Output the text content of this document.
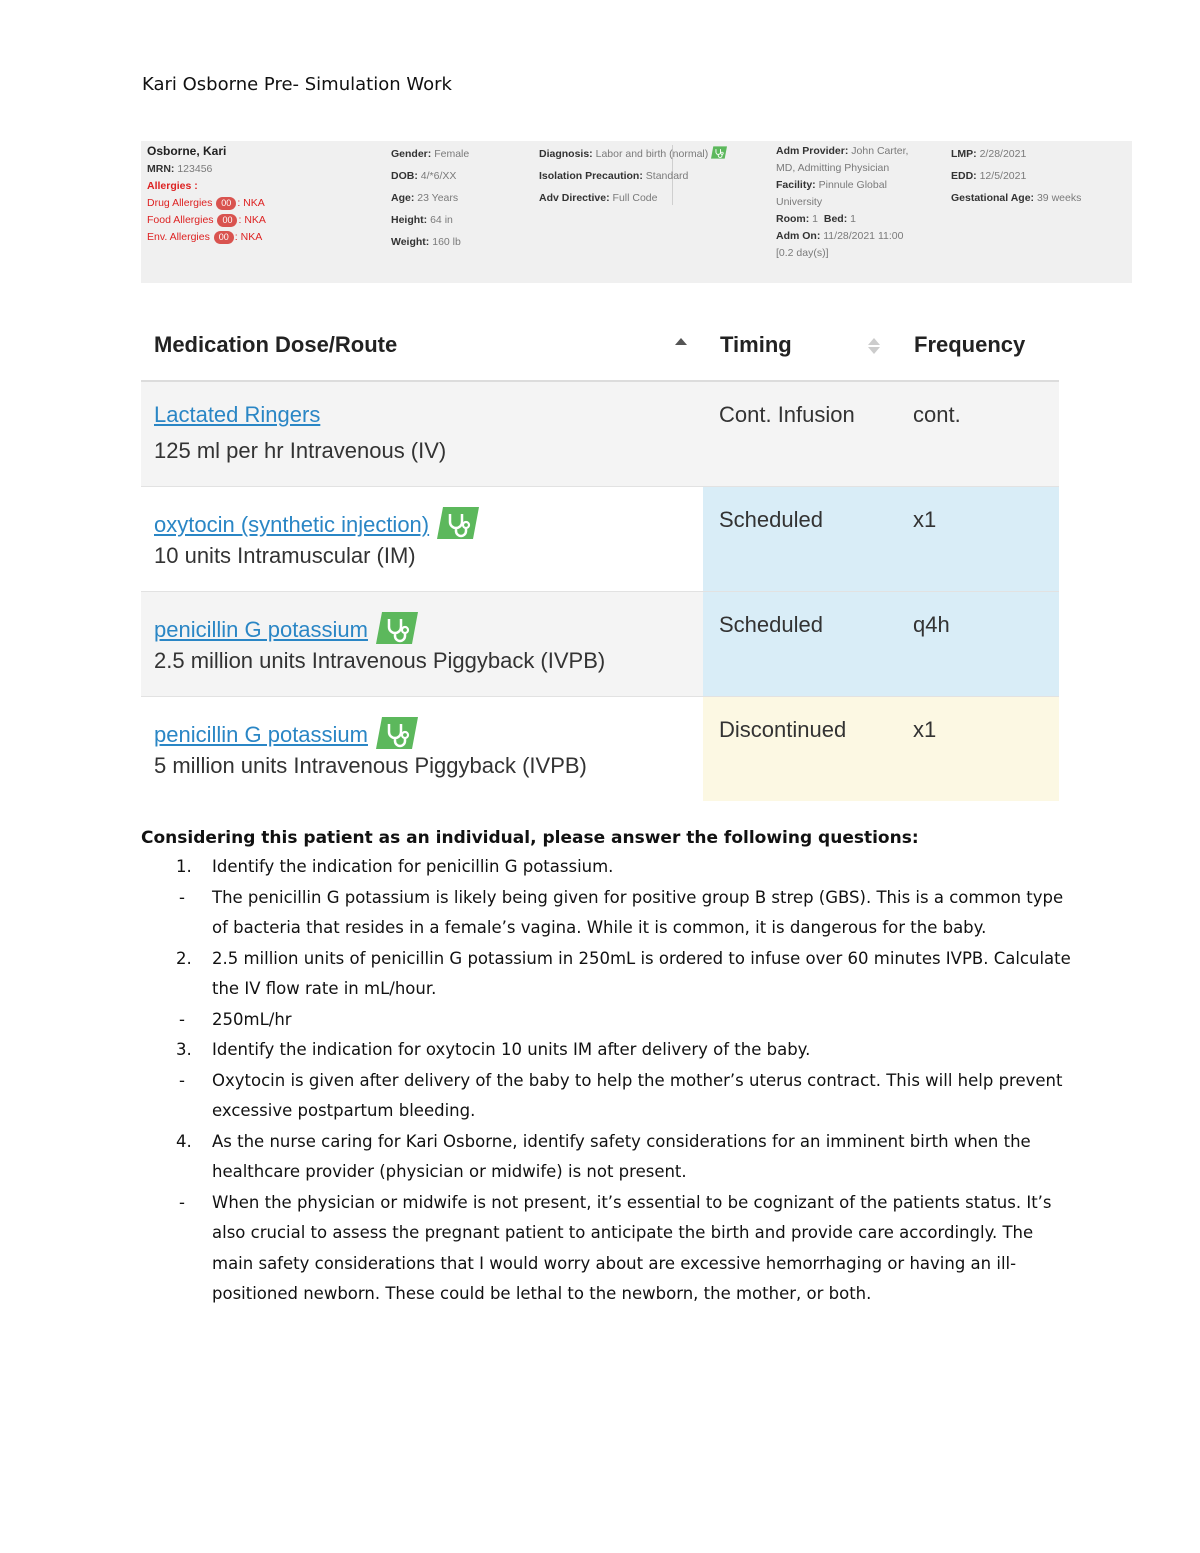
Kari Osborne Pre- Simulation Work
Osborne, Kari
MRN: 123456
Allergies :
Drug Allergies 00 : NKA
Food Allergies 00 : NKA
Env. Allergies 00 : NKA
Gender: Female
DOB: 4/*6/XX
Age: 23 Years
Height: 64 in
Weight: 160 lb
Diagnosis: Labor and birth (normal)
Isolation Precaution: Standard
Adv Directive: Full Code
Adm Provider: John Carter,
MD, Admitting Physician
Facility: Pinnule Global
University
Room: 1 Bed: 1
Adm On: 11/28/2021 11:00
[0.2 day(s)]
LMP: 2/28/2021
EDD: 12/5/2021
Gestational Age: 39 weeks
Medication Dose/Route	Timing	Frequency
Lactated Ringers
125 ml per hr Intravenous (IV)
Cont. Infusion	cont.
oxytocin (synthetic injection)
10 units Intramuscular (IM)
Scheduled	x1
penicillin G potassium
2.5 million units Intravenous Piggyback (IVPB)
Scheduled	q4h
penicillin G potassium
5 million units Intravenous Piggyback (IVPB)
Discontinued	x1
Considering this patient as an individual, please answer the following questions:
1. Identify the indication for penicillin G potassium.
- The penicillin G potassium is likely being given for positive group B strep (GBS). This is a common type of bacteria that resides in a female’s vagina. While it is common, it is dangerous for the baby.
2. 2.5 million units of penicillin G potassium in 250mL is ordered to infuse over 60 minutes IVPB. Calculate the IV flow rate in mL/hour.
- 250mL/hr
3. Identify the indication for oxytocin 10 units IM after delivery of the baby.
- Oxytocin is given after delivery of the baby to help the mother’s uterus contract. This will help prevent excessive postpartum bleeding.
4. As the nurse caring for Kari Osborne, identify safety considerations for an imminent birth when the healthcare provider (physician or midwife) is not present.
- When the physician or midwife is not present, it’s essential to be cognizant of the patients status. It’s also crucial to assess the pregnant patient to anticipate the birth and provide care accordingly. The main safety considerations that I would worry about are excessive hemorrhaging or having an ill-positioned newborn. These could be lethal to the newborn, the mother, or both.
